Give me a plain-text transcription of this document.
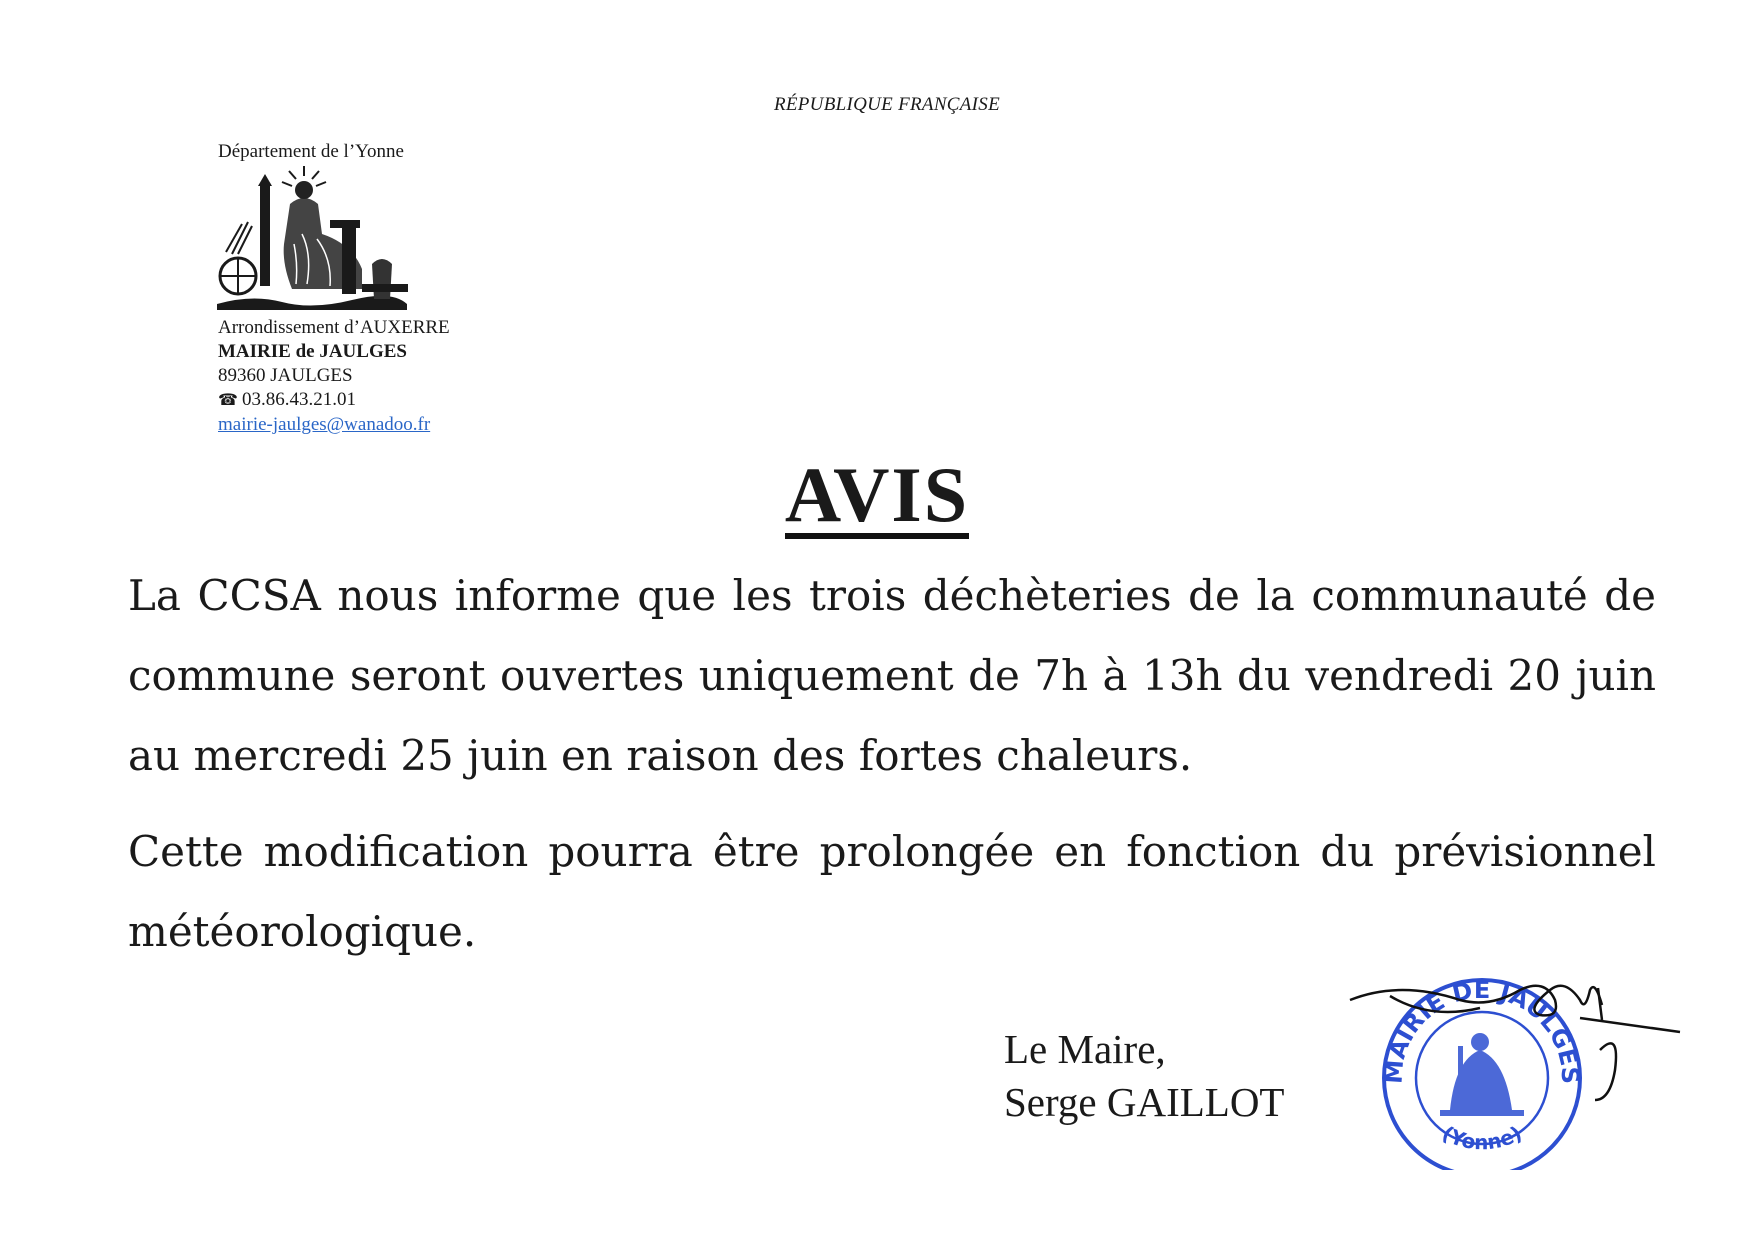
RÉPUBLIQUE FRANÇAISE
Département de l’Yonne
Arrondissement d’AUXERRE
MAIRIE de JAULGES
89360 JAULGES
☎ 03.86.43.21.01
mairie-jaulges@wanadoo.fr
AVIS
La CCSA nous informe que les trois déchèteries de la communauté de commune seront ouvertes uniquement de 7h à 13h du vendredi 20 juin au mercredi 25 juin en raison des fortes chaleurs.
Cette modification pourra être prolongée en fonction du prévisionnel météorologique.
Le Maire,
Serge GAILLOT
MAIRIE DE JAULGES
(Yonne)
